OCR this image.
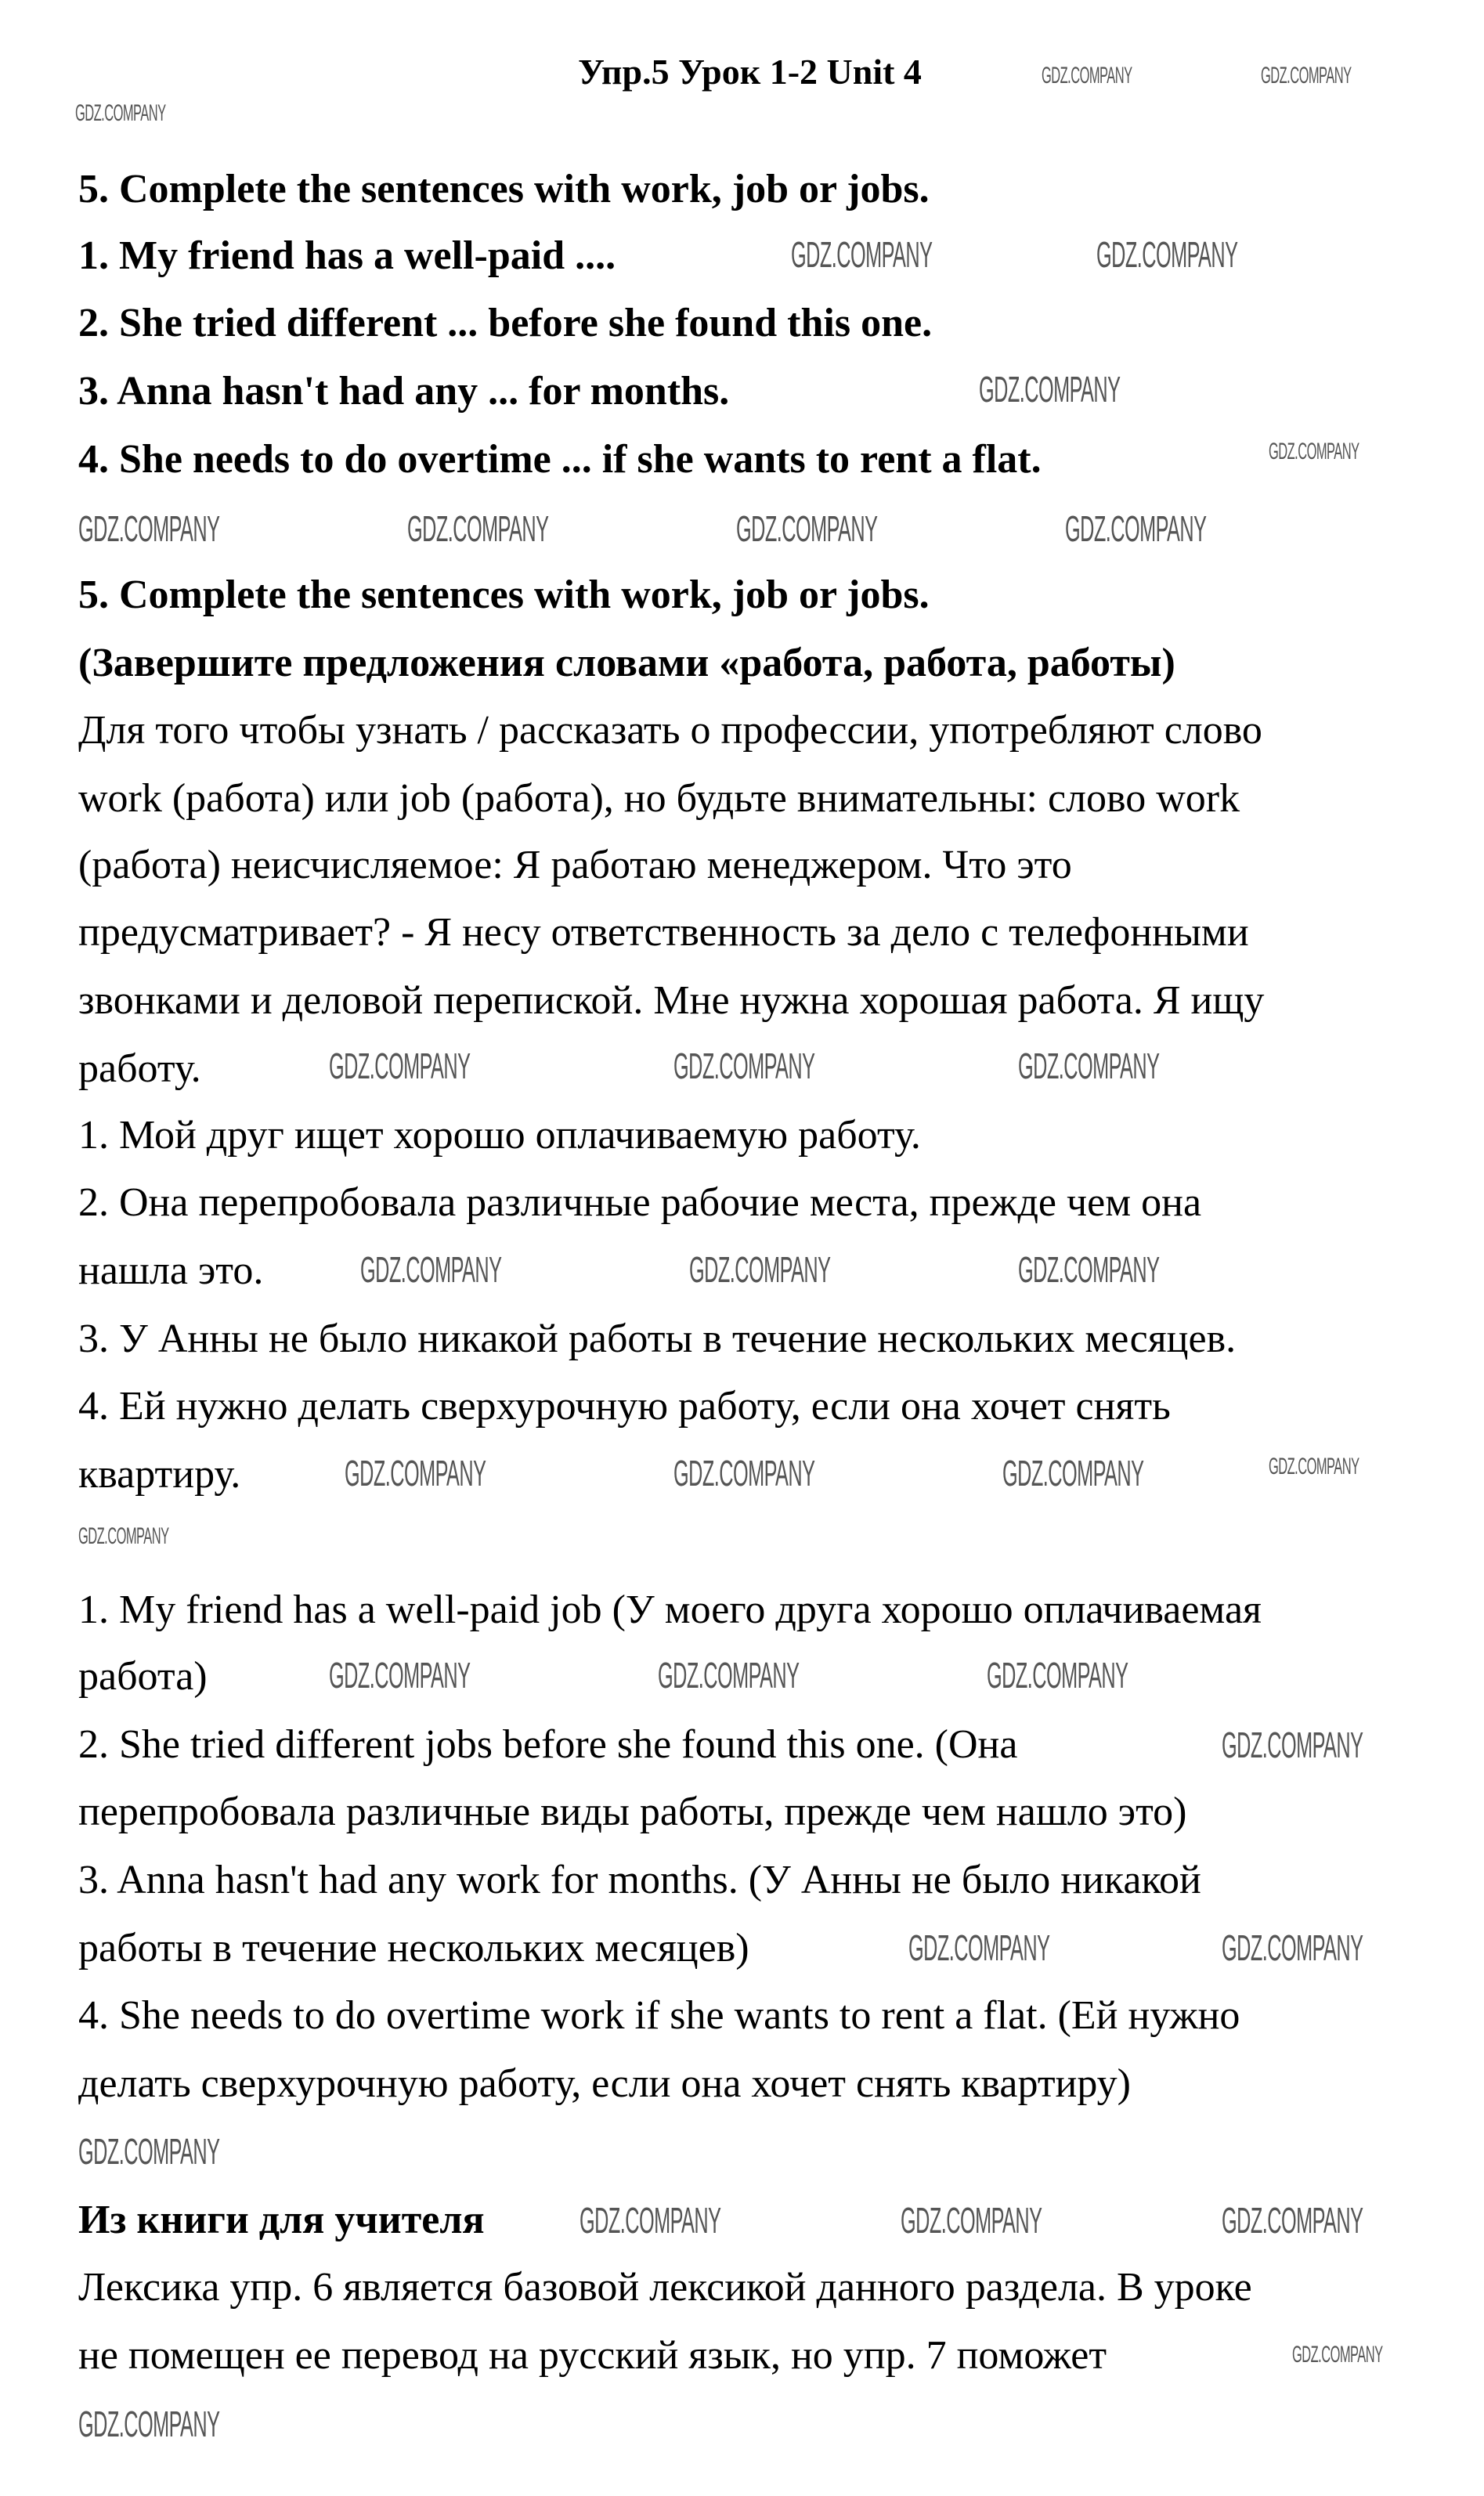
Упр.5 Урок 1-2 Unit 4
5. Complete the sentences with work, job or jobs.
1. My friend has a well-paid ....
2. She tried different ... before she found this one.
3. Anna hasn't had any ... for months.
4. She needs to do overtime ... if she wants to rent a flat.
5. Complete the sentences with work, job or jobs.
(Завершите предложения словами «работа, работа, работы)
Для того чтобы узнать / рассказать о профессии, употребляют слово
work (работа) или job (работа), но будьте внимательны: слово work
(работа) неисчисляемое: Я работаю менеджером. Что это
предусматривает? - Я несу ответственность за дело с телефонными
звонками и деловой перепиской. Мне нужна хорошая работа. Я ищу
работу.
1. Мой друг ищет хорошо оплачиваемую работу.
2. Она перепробовала различные рабочие места, прежде чем она
нашла это.
3. У Анны не было никакой работы в течение нескольких месяцев.
4. Ей нужно делать сверхурочную работу, если она хочет снять
квартиру.
1. My friend has a well-paid job (У моего друга хорошо оплачиваемая
работа)
2. She tried different jobs before she found this one. (Она
перепробовала различные виды работы, прежде чем нашло это)
3. Anna hasn't had any work for months. (У Анны не было никакой
работы в течение нескольких месяцев)
4. She needs to do overtime work if she wants to rent a flat. (Ей нужно
делать сверхурочную работу, если она хочет снять квартиру)
Из книги для учителя
Лексика упр. 6 является базовой лексикой данного раздела. В уроке
не помещен ее перевод на русский язык, но упр. 7 поможет
GDZ.COMPANY
GDZ.COMPANY	GDZ.COMPANY
GDZ.COMPANY	GDZ.COMPANY
GDZ.COMPANY
GDZ.COMPANY
GDZ.COMPANY	GDZ.COMPANY	GDZ.COMPANY	GDZ.COMPANY
GDZ.COMPANY	GDZ.COMPANY	GDZ.COMPANY
GDZ.COMPANY	GDZ.COMPANY	GDZ.COMPANY
GDZ.COMPANY	GDZ.COMPANY	GDZ.COMPANY	GDZ.COMPANY
GDZ.COMPANY
GDZ.COMPANY	GDZ.COMPANY	GDZ.COMPANY
GDZ.COMPANY
GDZ.COMPANY	GDZ.COMPANY
GDZ.COMPANY
GDZ.COMPANY	GDZ.COMPANY	GDZ.COMPANY
GDZ.COMPANY
GDZ.COMPANY
